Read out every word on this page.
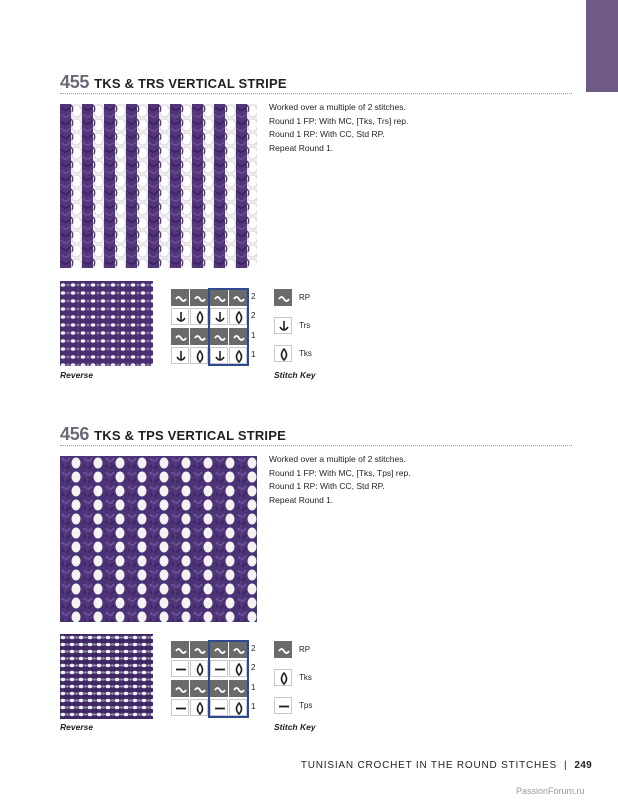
455 TKS & TRS VERTICAL STRIPE
Worked over a multiple of 2 stitches.
Round 1 FP: With MC, [Tks, Trs] rep.
Round 1 RP: With CC, Std RP.
Repeat Round 1.
Reverse
2
2
1
1
RP
Trs
Tks
Stitch Key
456 TKS & TPS VERTICAL STRIPE
Worked over a multiple of 2 stitches.
Round 1 FP: With MC, [Tks, Tps] rep.
Round 1 RP: With CC, Std RP.
Repeat Round 1.
Reverse
2
2
1
1
RP
Tks
Tps
Stitch Key
TUNISIAN CROCHET IN THE ROUND STITCHES | 249
PassionForum.ru
